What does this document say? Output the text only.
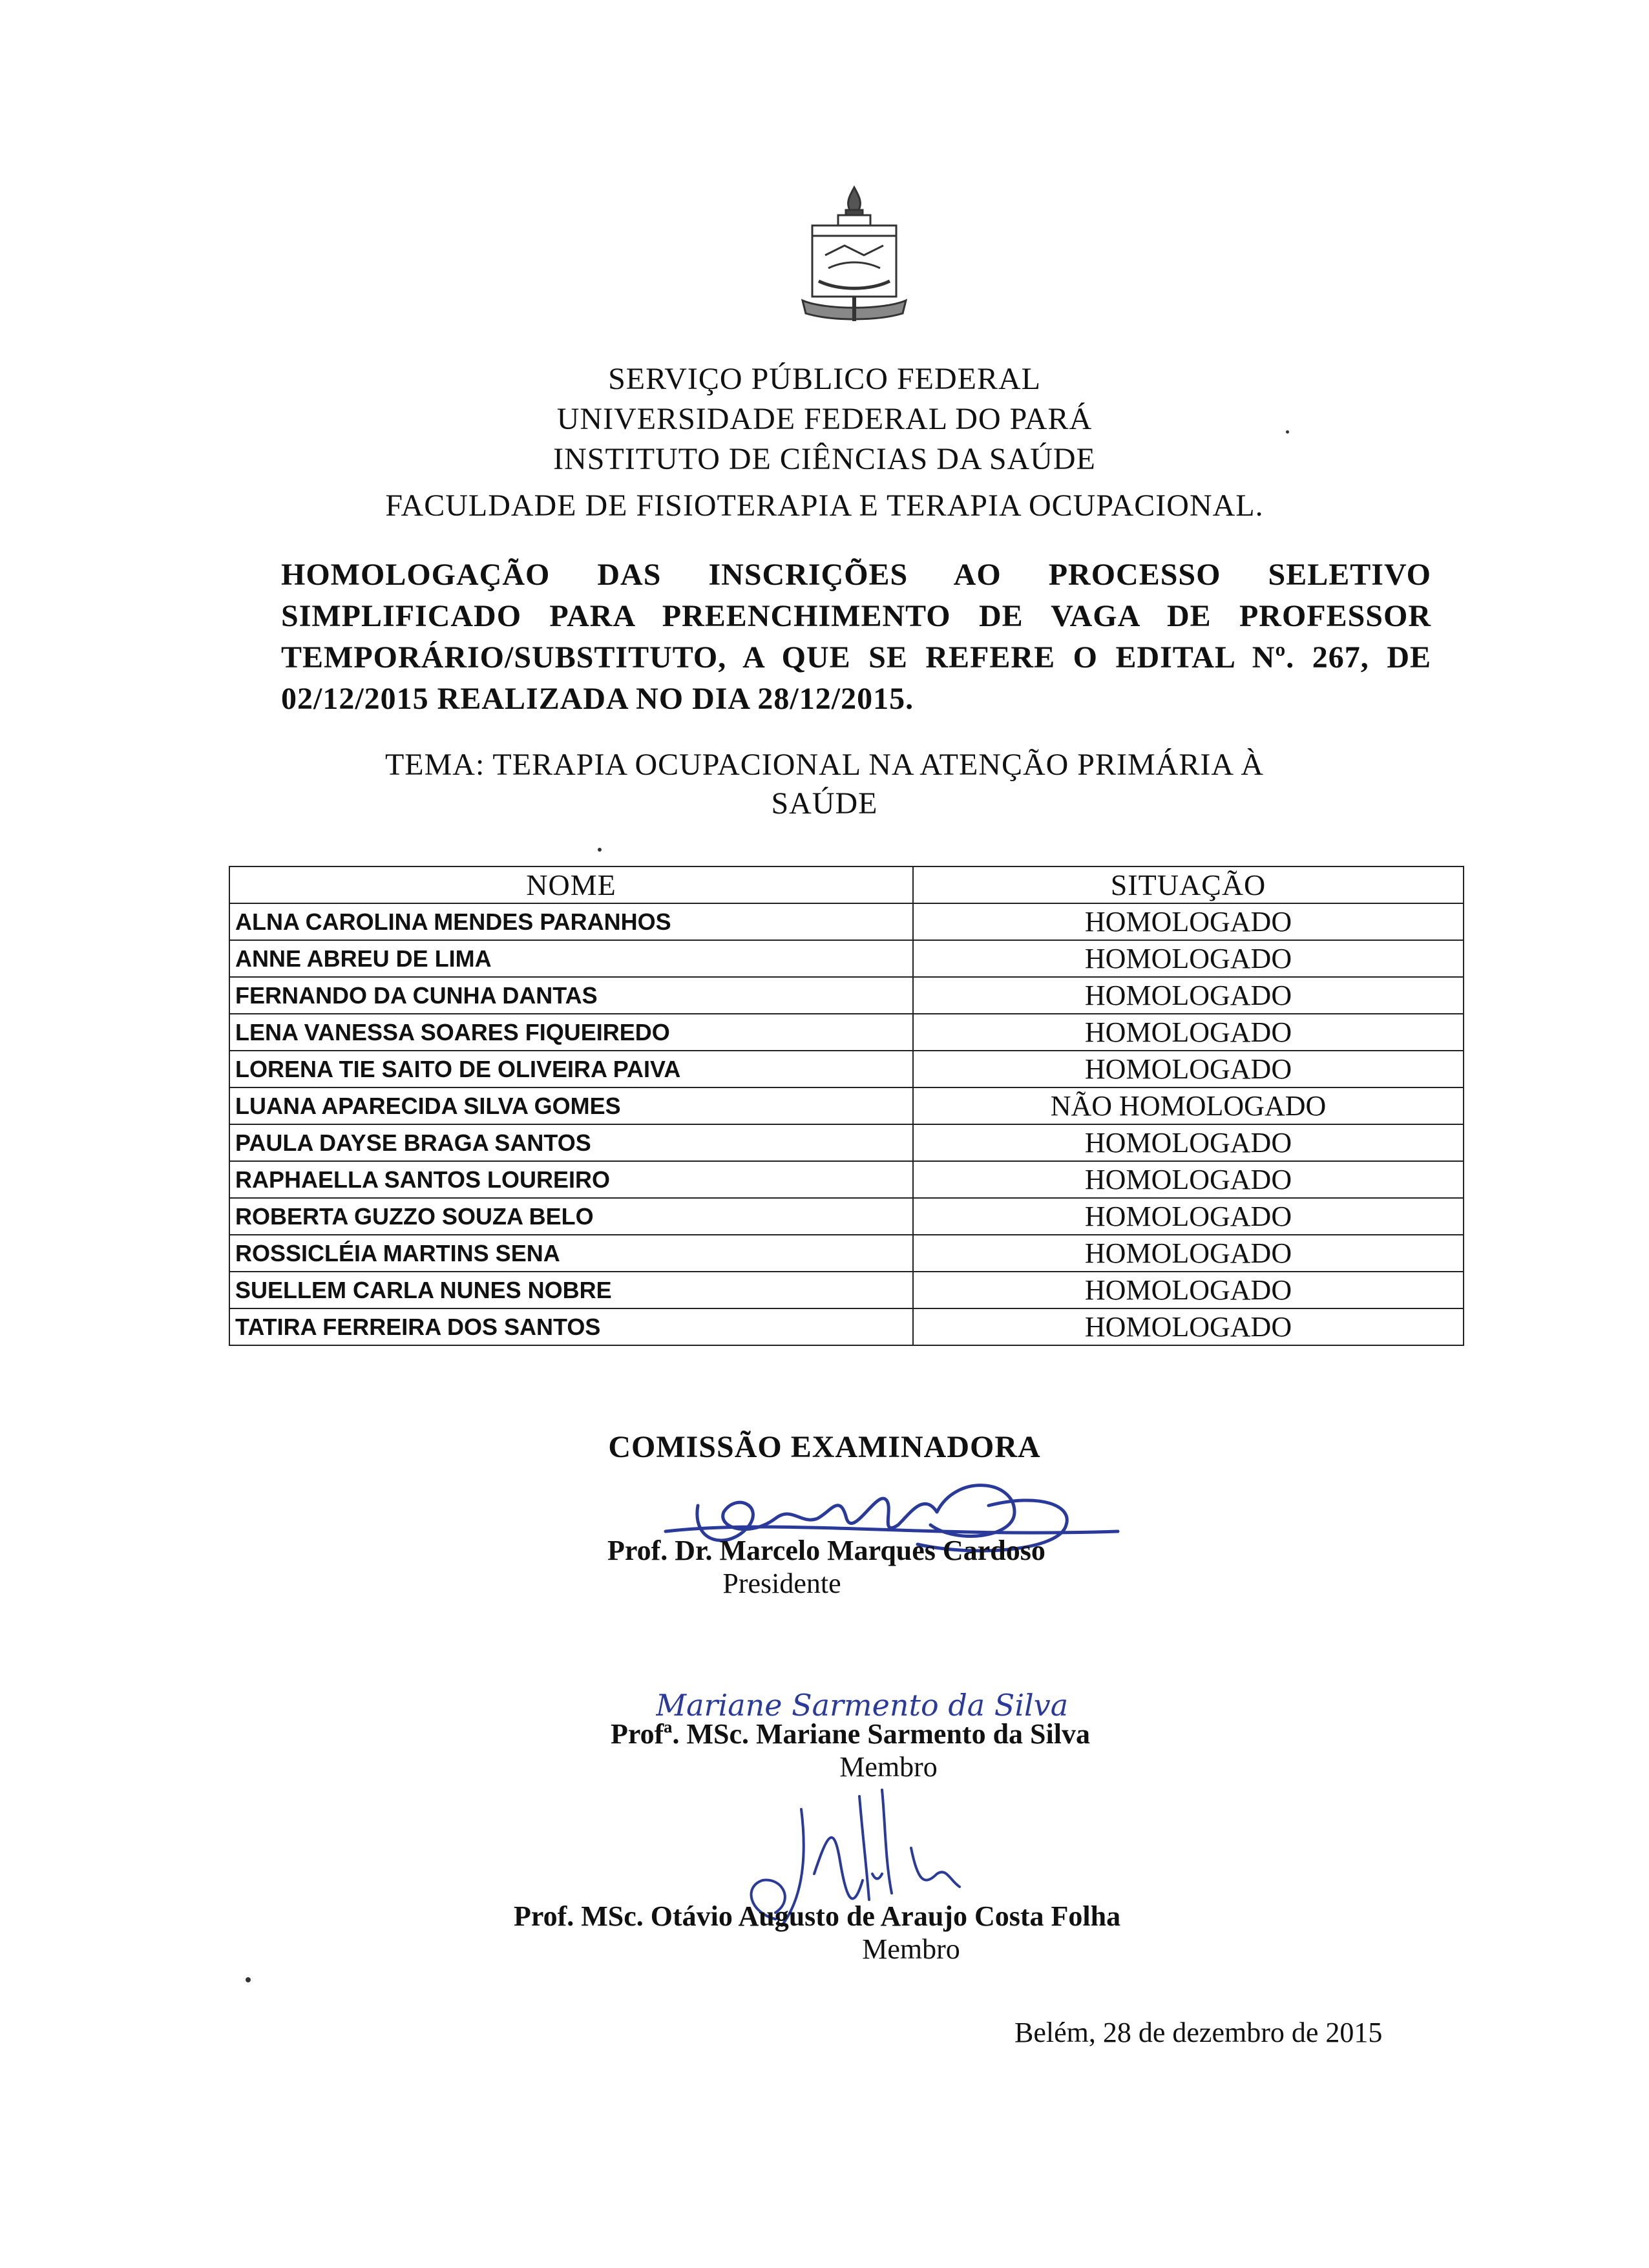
SERVIÇO PÚBLICO FEDERAL
UNIVERSIDADE FEDERAL DO PARÁ
INSTITUTO DE CIÊNCIAS DA SAÚDE
FACULDADE DE FISIOTERAPIA E TERAPIA OCUPACIONAL.
HOMOLOGAÇÃO DAS INSCRIÇÕES AO PROCESSO SELETIVO SIMPLIFICADO PARA PREENCHIMENTO DE VAGA DE PROFESSOR TEMPORÁRIO/SUBSTITUTO, A QUE SE REFERE O EDITAL Nº. 267, DE 02/12/2015 REALIZADA NO DIA 28/12/2015.
TEMA: TERAPIA OCUPACIONAL NA ATENÇÃO PRIMÁRIA À
SAÚDE
NOME	SITUAÇÃO
ALNA CAROLINA MENDES PARANHOS	HOMOLOGADO
ANNE ABREU DE LIMA	HOMOLOGADO
FERNANDO DA CUNHA DANTAS	HOMOLOGADO
LENA VANESSA SOARES FIQUEIREDO	HOMOLOGADO
LORENA TIE SAITO DE OLIVEIRA PAIVA	HOMOLOGADO
LUANA APARECIDA SILVA GOMES	NÃO HOMOLOGADO
PAULA DAYSE BRAGA SANTOS	HOMOLOGADO
RAPHAELLA SANTOS LOUREIRO	HOMOLOGADO
ROBERTA GUZZO SOUZA BELO	HOMOLOGADO
ROSSICLÉIA MARTINS SENA	HOMOLOGADO
SUELLEM CARLA NUNES NOBRE	HOMOLOGADO
TATIRA FERREIRA DOS SANTOS	HOMOLOGADO
COMISSÃO EXAMINADORA
Prof. Dr. Marcelo Marques Cardoso
Presidente
Mariane Sarmento da Silva
Profª. MSc. Mariane Sarmento da Silva
Membro
Prof. MSc. Otávio Augusto de Araujo Costa Folha
Membro
Belém, 28 de dezembro de 2015
